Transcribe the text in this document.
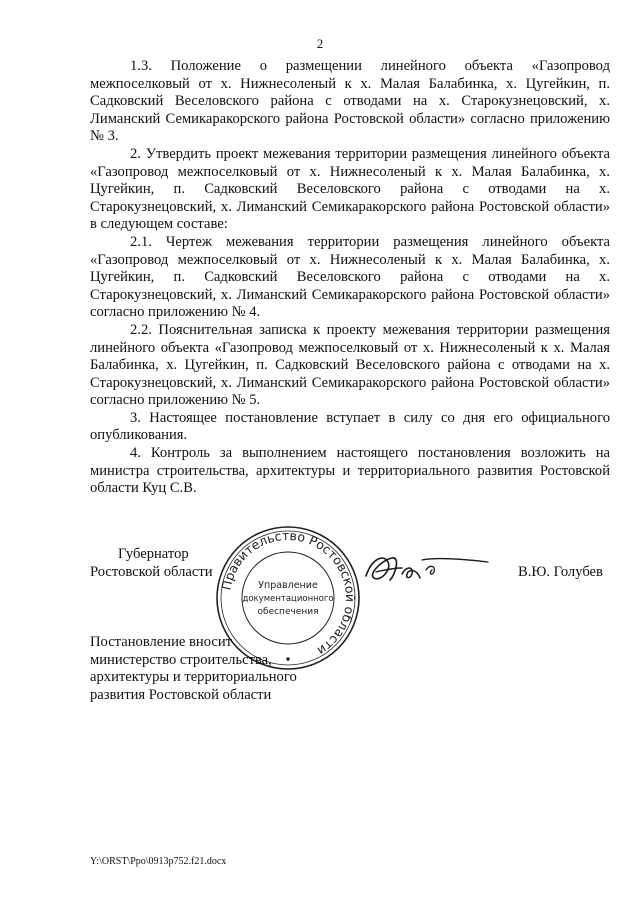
2

1.3. Положение о размещении линейного объекта «Газопровод межпоселковый от х. Нижнесоленый к х. Малая Балабинка, х. Цугейкин, п. Садковский Веселовского района с отводами на х. Старокузнецовский, х. Лиманский Семикаракорского района Ростовской области» согласно приложению № 3.

2. Утвердить проект межевания территории размещения линейного объекта «Газопровод межпоселковый от х. Нижнесоленый к х. Малая Балабинка, х. Цугейкин, п. Садковский Веселовского района с отводами на х. Старокузнецовский, х. Лиманский Семикаракорского района Ростовской области» в следующем составе:

2.1. Чертеж межевания территории размещения линейного объекта «Газопровод межпоселковый от х. Нижнесоленый к х. Малая Балабинка, х. Цугейкин, п. Садковский Веселовского района с отводами на х. Старокузнецовский, х. Лиманский Семикаракорского района Ростовской области» согласно приложению № 4.

2.2. Пояснительная записка к проекту межевания территории размещения линейного объекта «Газопровод межпоселковый от х. Нижнесоленый к х. Малая Балабинка, х. Цугейкин, п. Садковский Веселовского района с отводами на х. Старокузнецовский, х. Лиманский Семикаракорского района Ростовской области» согласно приложению № 5.

3. Настоящее постановление вступает в силу со дня его официального опубликования.

4. Контроль за выполнением настоящего постановления возложить на министра строительства, архитектуры и территориального развития Ростовской области Куц С.В.

Губернатор
Ростовской области
Правительство Ростовской области
Управление
документационного
обеспечения
В.Ю. Голубев
Постановление вносит
министерство строительства,
архитектуры и территориального
развития Ростовской области
Y:\ORST\Ppo\0913p752.f21.docx
